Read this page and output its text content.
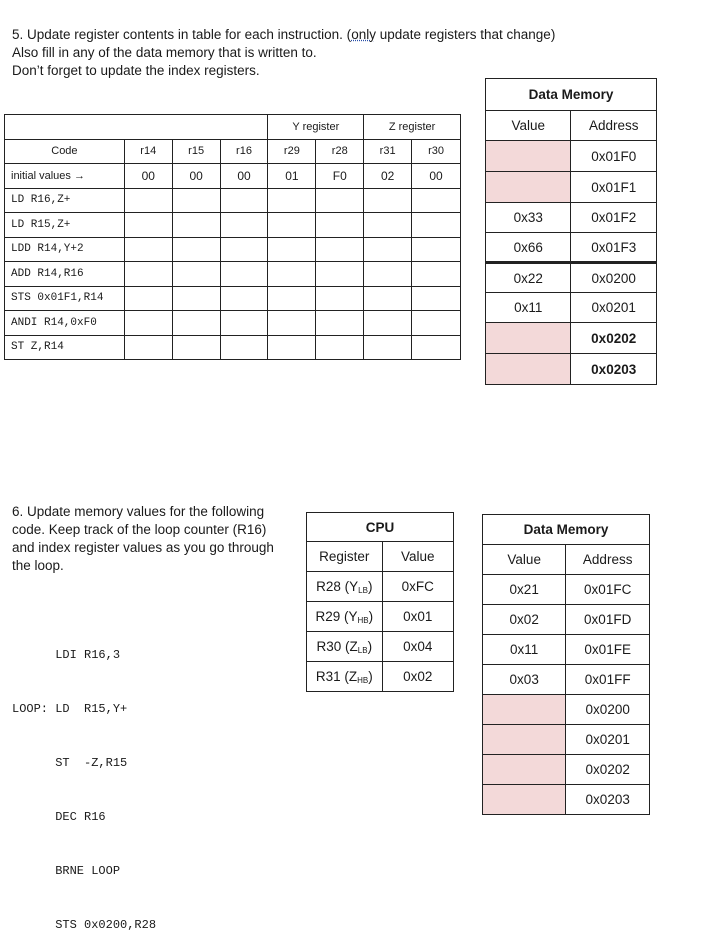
5. Update register contents in table for each instruction. (only update registers that change)
Also fill in any of the data memory that is written to.
Don’t forget to update the index registers.
				Y register		Z register	
Code	r14	r15	r16	r29	r28	r31	r30
initial values →	00	00	00	01	F0	02	00
LD R16,Z+							
LD R15,Z+							
LDD R14,Y+2							
ADD R14,R16							
STS 0x01F1,R14							
ANDI R14,0xF0							
ST Z,R14							
Data Memory	
Value	Address
	0x01F0
	0x01F1
0x33	0x01F2
0x66	0x01F3
0x22	0x0200
0x11	0x0201
	0x0202
	0x0203
6. Update memory values for the following
code. Keep track of the loop counter (R16)
and index register values as you go through
the loop.

LDI R16,3

LOOP: LD  R15,Y+

ST  -Z,R15

DEC R16

BRNE LOOP

STS 0x0200,R28

CPU	
Register	Value
R28 $(Y_{LB})$	0xFC
R29 $(Y_{HB})$	0x01
R30 $(Z_{LB})$	0x04
R31 $(Z_{HB})$	0x02
Data Memory	
Value	Address
0x21	0x01FC
0x02	0x01FD
0x11	0x01FE
0x03	0x01FF
	0x0200
	0x0201
	0x0202
	0x0203
